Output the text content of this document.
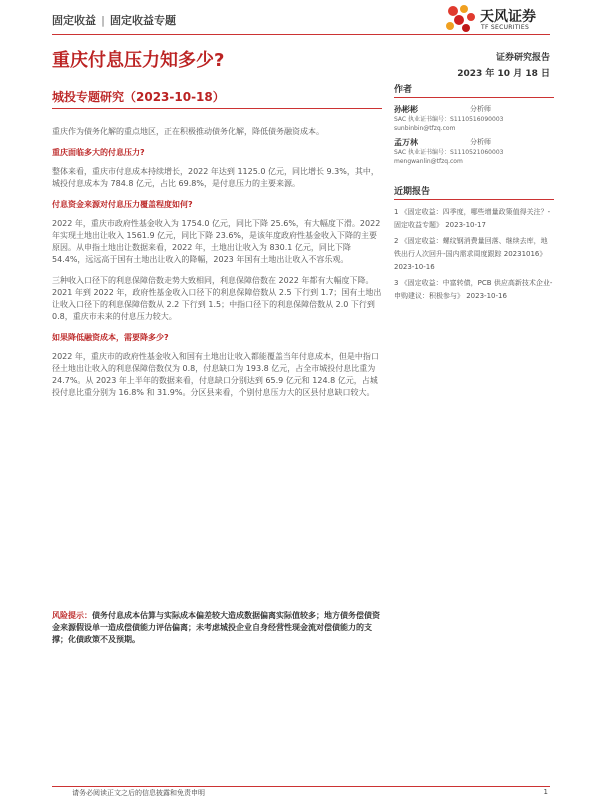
固定收益 | 固定收益专题	天风证券
TF SECURITIES
重庆付息压力知多少?	证券研究报告
2023 年 10 月 18 日
城投专题研究（2023-10-18）

重庆作为债务化解的重点地区，正在积极推动债务化解，降低债务融资成本。

重庆面临多大的付息压力?

整体来看，重庆市付息成本持续增长，2022 年达到 1125.0 亿元，同比增长 9.3%，其中，城投付息成本为 784.8 亿元，占比 69.8%，是付息压力的主要来源。

付息资金来源对付息压力覆盖程度如何?

2022 年，重庆市政府性基金收入为 1754.0 亿元，同比下降 25.6%，有大幅度下滑。2022 年实现土地出让收入 1561.9 亿元，同比下降 23.6%，是该年度政府性基金收入下降的主要原因。从申指土地出让数据来看，2022 年，土地出让收入为 830.1 亿元，同比下降 54.4%，远远高于国有土地出让收入的降幅，2023 年国有土地出让收入不容乐观。

三种收入口径下的利息保障倍数走势大致相同，利息保障倍数在 2022 年都有大幅度下降。2021 年到 2022 年，政府性基金收入口径下的利息保障倍数从 2.5 下行到 1.7；国有土地出让收入口径下的利息保障倍数从 2.2 下行到 1.5；中指口径下的利息保障倍数从 2.0 下行到 0.8，重庆市未来的付息压力较大。

如果降低融资成本，需要降多少?

2022 年，重庆市的政府性基金收入和国有土地出让收入都能覆盖当年付息成本，但是中指口径土地出让收入的利息保障倍数仅为 0.8，付息缺口为 193.8 亿元，占全市城投付息比重为 24.7%。从 2023 年上半年的数据来看，付息缺口分别达到 65.9 亿元和 124.8 亿元，占城投付息比重分别为 16.8% 和 31.9%。分区县来看，个别付息压力大的区县付息缺口较大。

作者
孙彬彬	分析师
SAC 执业证书编号：S1110516090003
sunbinbin@tfzq.com
孟万林	分析师
SAC 执业证书编号：S1110521060003
mengwanlin@tfzq.com
近期报告
1 《固定收益：四季度，哪些增量政策值得关注？-固定收益专题》 2023-10-17
2 《固定收益：螺纹钢消费量回落、继续去库，地铁出行人次回升-国内需求周度跟踪 20231016》 2023-10-16
3 《固定收益：中富转债，PCB 供应高新技术企业-申购建议：积极参与》 2023-10-16
风险提示：债务付息成本估算与实际成本偏差较大造成数据偏离实际值较多；地方债务偿债资金来源假设单一造成偿债能力评估偏离；未考虑城投企业自身经营性现金流对偿债能力的支撑；化债政策不及预期。
请务必阅读正文之后的信息披露和免责申明	1
